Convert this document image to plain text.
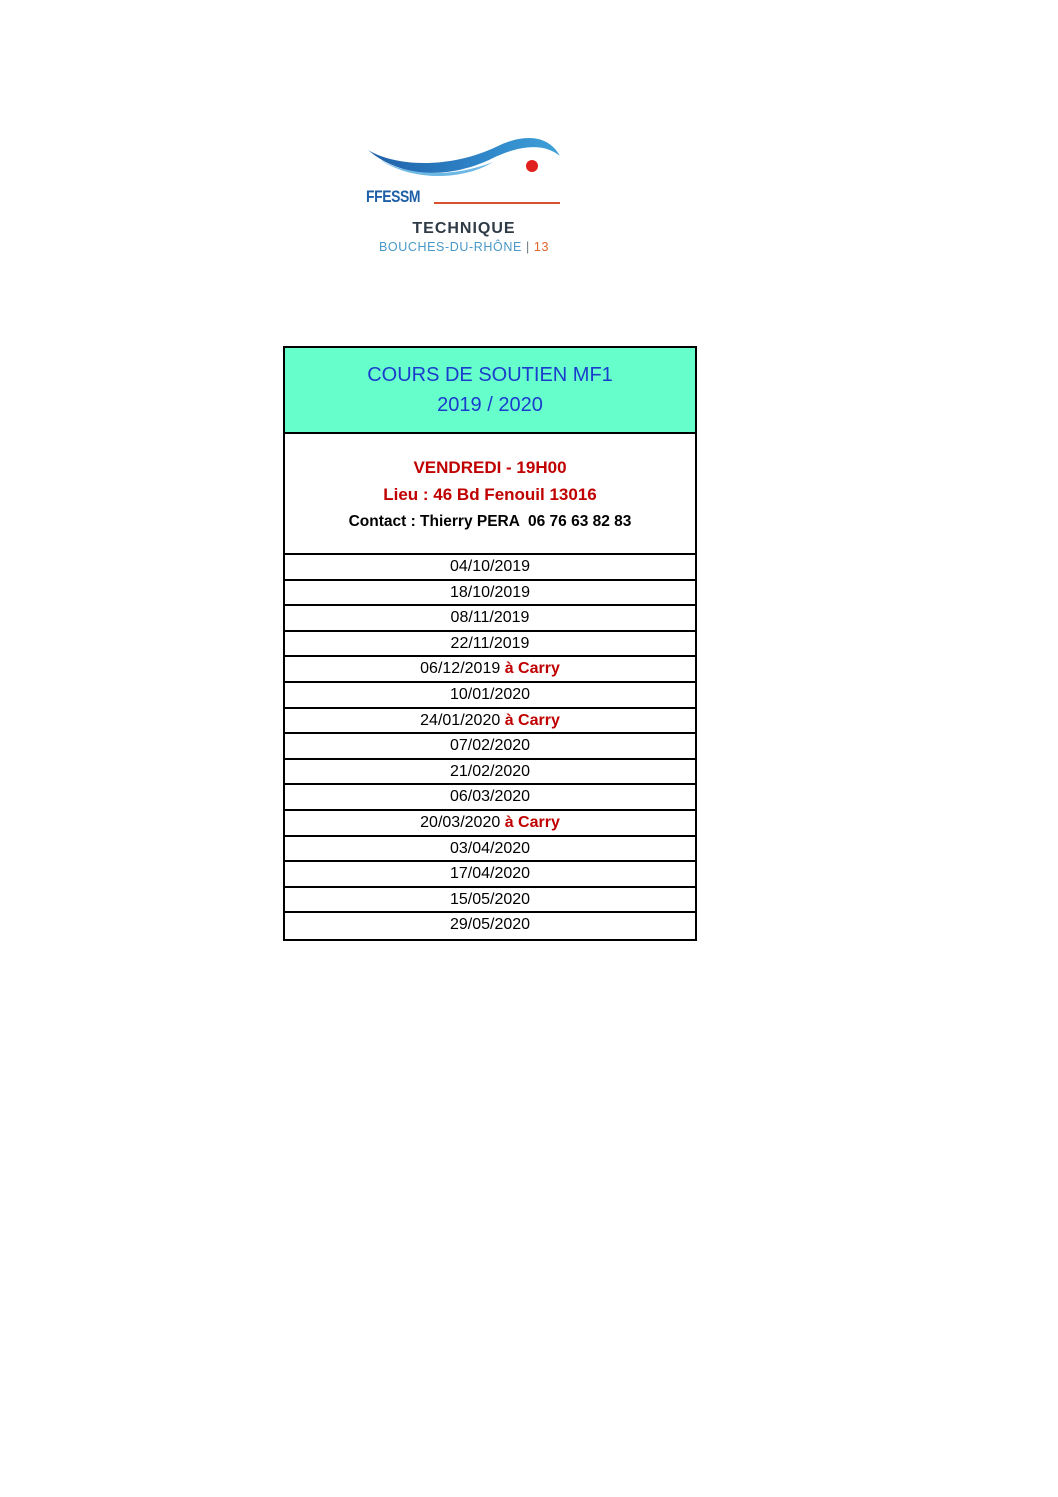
FFESSM
TECHNIQUE
BOUCHES-DU-RHÔNE | 13
COURS DE SOUTIEN MF1
2019 / 2020
VENDREDI - 19H00
Lieu : 46 Bd Fenouil 13016
Contact : Thierry PERA  06 76 63 82 83
04/10/2019
18/10/2019
08/11/2019
22/11/2019
06/12/2019 à Carry
10/01/2020
24/01/2020 à Carry
07/02/2020
21/02/2020
06/03/2020
20/03/2020 à Carry
03/04/2020
17/04/2020
15/05/2020
29/05/2020
